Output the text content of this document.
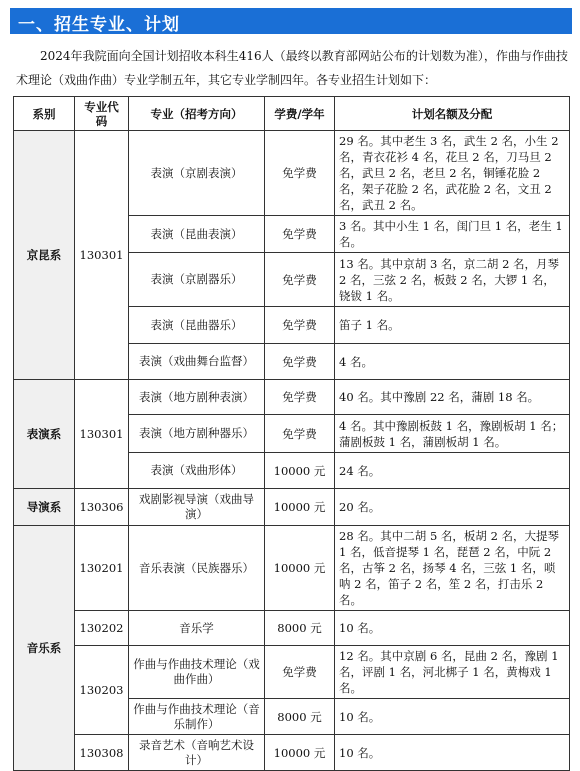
一、招生专业、计划
2024年我院面向全国计划招收本科生416人（最终以教育部网站公布的计划数为准），作曲与作曲技术理论（戏曲作曲）专业学制五年，其它专业学制四年。各专业招生计划如下：
系别	专业代码	专业（招考方向）	学费/学年	计划名额及分配
京昆系	130301	表演（京剧表演）	免学费	29 名。其中老生 3 名，武生 2 名，小生 2 名，青衣花衫 4 名，花旦 2 名，刀马旦 2 名，武旦 2 名，老旦 2 名，铜锤花脸 2 名，架子花脸 2 名，武花脸 2 名，文丑 2 名，武丑 2 名。
		表演（昆曲表演）	免学费	3 名。其中小生 1 名，闺门旦 1 名，老生 1 名。
		表演（京剧器乐）	免学费	13 名。其中京胡 3 名，京二胡 2 名，月琴 2 名，三弦 2 名，板鼓 2 名，大锣 1 名，铙钹 1 名。
		表演（昆曲器乐）	免学费	笛子 1 名。
		表演（戏曲舞台监督）	免学费	4 名。
表演系	130301	表演（地方剧种表演）	免学费	40 名。其中豫剧 22 名，蒲剧 18 名。
		表演（地方剧种器乐）	免学费	4 名。其中豫剧板鼓 1 名，豫剧板胡 1 名；蒲剧板鼓 1 名，蒲剧板胡 1 名。
		表演（戏曲形体）	10000 元	24 名。
导演系	130306	戏剧影视导演（戏曲导演）	10000 元	20 名。
音乐系	130201	音乐表演（民族器乐）	10000 元	28 名。其中二胡 5 名，板胡 2 名，大提琴 1 名，低音提琴 1 名，琵琶 2 名，中阮 2 名，古筝 2 名，扬琴 4 名，三弦 1 名，唢呐 2 名，笛子 2 名，笙 2 名，打击乐 2 名。
	130202	音乐学	8000 元	10 名。
	130203	作曲与作曲技术理论（戏曲作曲）	免学费	12 名。其中京剧 6 名，昆曲 2 名，豫剧 1 名，评剧 1 名，河北梆子 1 名，黄梅戏 1 名。
		作曲与作曲技术理论（音乐制作）	8000 元	10 名。
	130308	录音艺术（音响艺术设计）	10000 元	10 名。
